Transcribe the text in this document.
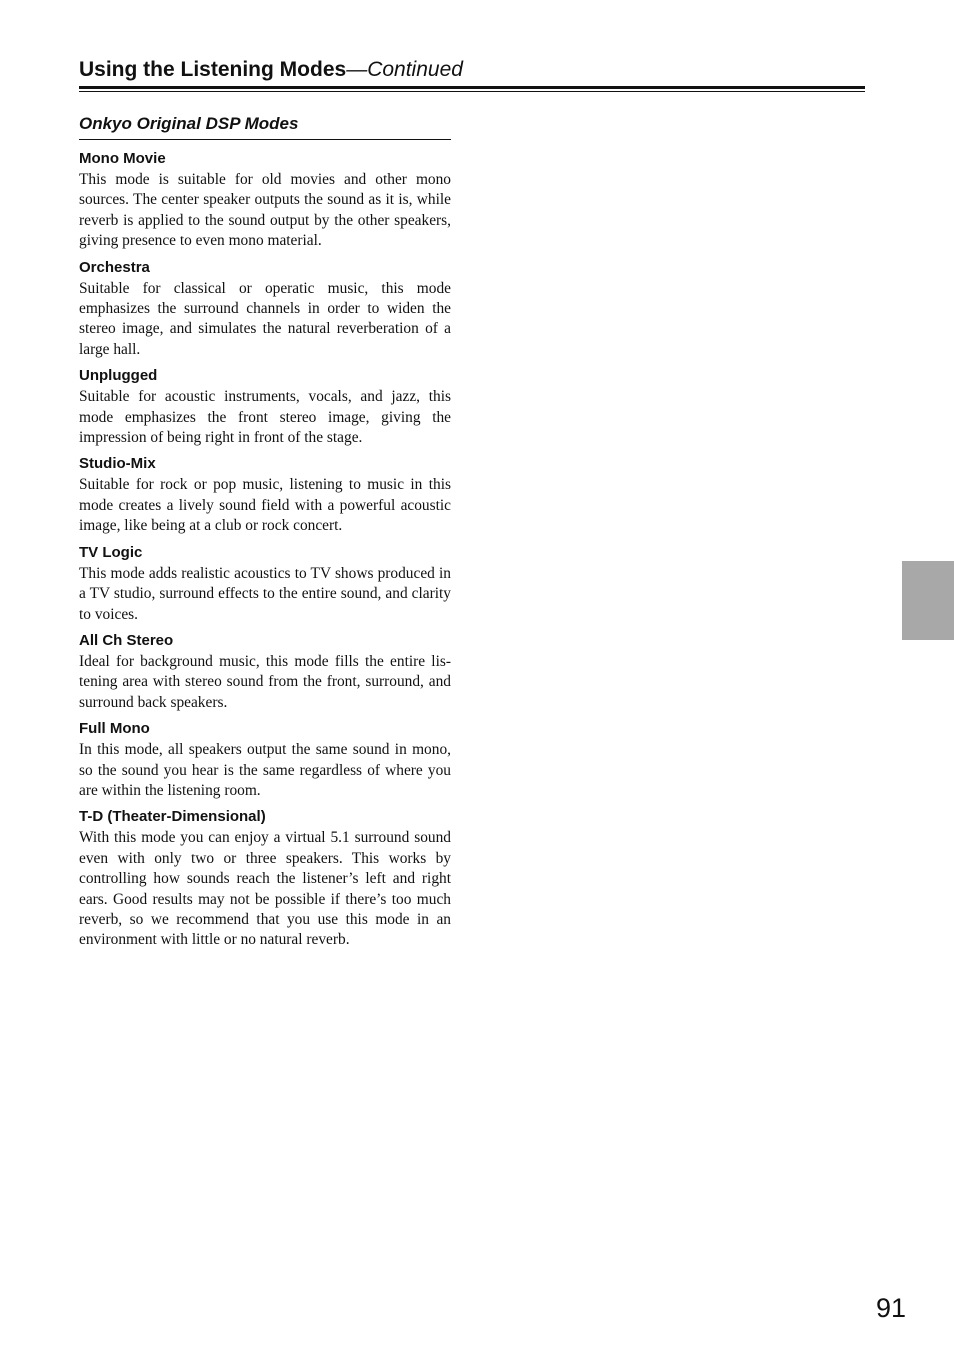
Using the Listening Modes—Continued
Onkyo Original DSP Modes
Mono Movie

This mode is suitable for old movies and other mono sources. The center speaker outputs the sound as it is, while reverb is applied to the sound output by the other speakers, giving presence to even mono material.

Orchestra

Suitable for classical or operatic music, this mode emphasizes the surround channels in order to widen the stereo image, and simulates the natural reverberation of a large hall.

Unplugged

Suitable for acoustic instruments, vocals, and jazz, this mode emphasizes the front stereo image, giving the impression of being right in front of the stage.

Studio-Mix

Suitable for rock or pop music, listening to music in this mode creates a lively sound field with a powerful acoustic image, like being at a club or rock concert.

TV Logic

This mode adds realistic acoustics to TV shows produced in a TV studio, surround effects to the entire sound, and clarity to voices.

All Ch Stereo

Ideal for background music, this mode fills the entire listening area with stereo sound from the front, surround, and surround back speakers.

Full Mono

In this mode, all speakers output the same sound in mono, so the sound you hear is the same regardless of where you are within the listening room.

T-D (Theater-Dimensional)

With this mode you can enjoy a virtual 5.1 surround sound even with only two or three speakers. This works by controlling how sounds reach the listener’s left and right ears. Good results may not be possible if there’s too much reverb, so we recommend that you use this mode in an environment with little or no natural reverb.

91
